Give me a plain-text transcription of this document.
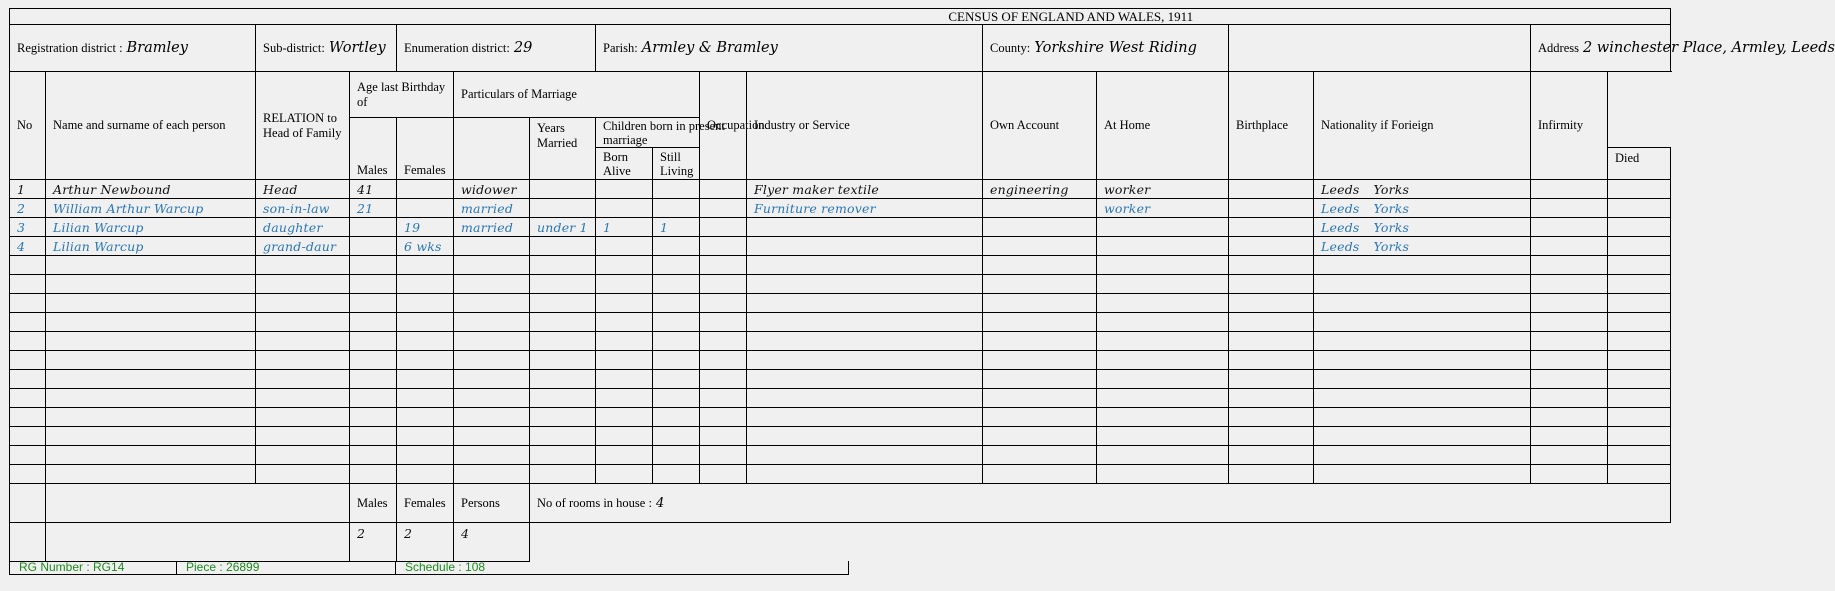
CENSUS OF ENGLAND AND WALES, 1911																
Registration district : Bramley		Sub-district: Wortley		Enumeration district: 29			Parish: Armley & Bramley				County: Yorkshire West Riding				Address 2 winchester Place, Armley, Leeds	
No	Name and surname of each person	RELATION to Head of Family	Age last Birthday of		Particulars of Marriage				Occupation	Industry or Service	Own Account	At Home	Birthplace	Nationality if Forieign	Infirmity	
			Males	Females		Years Married	Children born in present marriage									
							Born Alive	Still Living								Died

1	Arthur Newbound	Head	41		widower					Flyer maker textile	engineering	worker		Leeds Yorks		
2	William Arthur Warcup	son-in-law	21		married					Furniture remover		worker		Leeds Yorks		
3	Lilian Warcup	daughter		19	married	under 1	1	1						Leeds Yorks		
4	Lilian Warcup	grand-daur		6 wks										Leeds Yorks		

			Males	Females	Persons	No of rooms in house : 4										
			2	2	4											
RG Number : RG14	Piece : 26899	Schedule : 108
